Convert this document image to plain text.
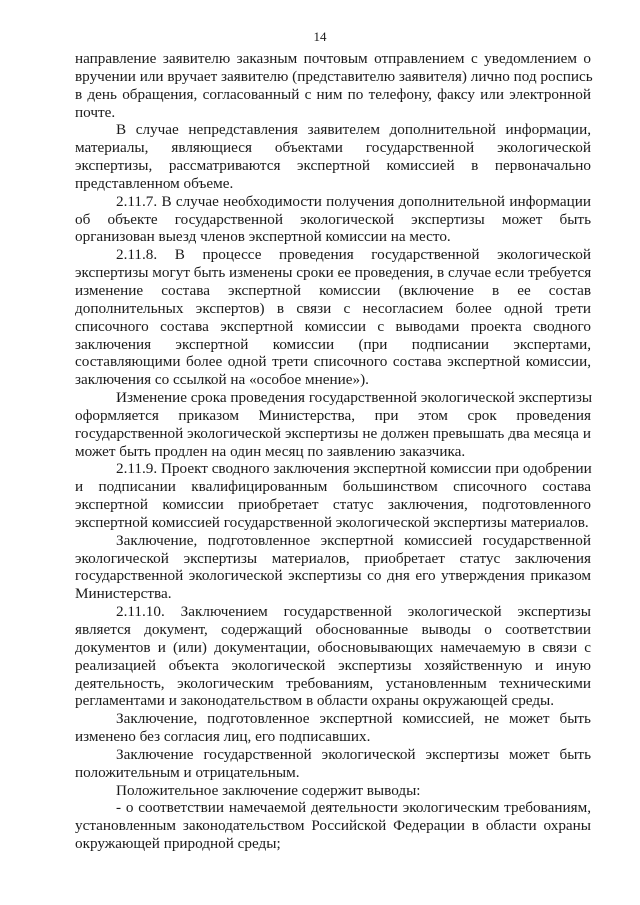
14
направление заявителю заказным почтовым отправлением с уведомлением о
вручении или вручает заявителю (представителю заявителя) лично под роспись
в день обращения, согласованный с ним по телефону, факсу или электронной
почте.
В случае непредставления заявителем дополнительной информации,
материалы, являющиеся объектами государственной экологической
экспертизы, рассматриваются экспертной комиссией в первоначально
представленном объеме.
2.11.7. В случае необходимости получения дополнительной информации
об объекте государственной экологической экспертизы может быть
организован выезд членов экспертной комиссии на место.
2.11.8. В процессе проведения государственной экологической
экспертизы могут быть изменены сроки ее проведения, в случае если требуется
изменение состава экспертной комиссии (включение в ее состав
дополнительных экспертов) в связи с несогласием более одной трети
списочного состава экспертной комиссии с выводами проекта сводного
заключения экспертной комиссии (при подписании экспертами,
составляющими более одной трети списочного состава экспертной комиссии,
заключения со ссылкой на «особое мнение»).
Изменение срока проведения государственной экологической экспертизы
оформляется приказом Министерства, при этом срок проведения
государственной экологической экспертизы не должен превышать два месяца и
может быть продлен на один месяц по заявлению заказчика.
2.11.9. Проект сводного заключения экспертной комиссии при одобрении
и подписании квалифицированным большинством списочного состава
экспертной комиссии приобретает статус заключения, подготовленного
экспертной комиссией государственной экологической экспертизы материалов.
Заключение, подготовленное экспертной комиссией государственной
экологической экспертизы материалов, приобретает статус заключения
государственной экологической экспертизы со дня его утверждения приказом
Министерства.
2.11.10. Заключением государственной экологической экспертизы
является документ, содержащий обоснованные выводы о соответствии
документов и (или) документации, обосновывающих намечаемую в связи с
реализацией объекта экологической экспертизы хозяйственную и иную
деятельность, экологическим требованиям, установленным техническими
регламентами и законодательством в области охраны окружающей среды.
Заключение, подготовленное экспертной комиссией, не может быть
изменено без согласия лиц, его подписавших.
Заключение государственной экологической экспертизы может быть
положительным и отрицательным.
Положительное заключение содержит выводы:
- о соответствии намечаемой деятельности экологическим требованиям,
установленным законодательством Российской Федерации в области охраны
окружающей природной среды;
